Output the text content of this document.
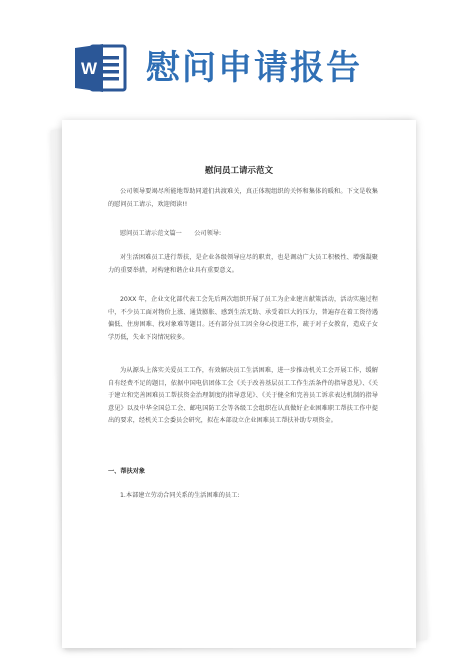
W 慰问申请报告
慰问员工请示范文

公司领导要竭尽所能地帮助同道们共渡难关，真正体现组织的关怀和集体的暖和。下文是收集的慰问员工请示，欢迎阅读!!

慰问员工请示范文篇一　　公司领导:

对生活困难员工进行帮扶，是企业各级领导应尽的职责，也是调动广大员工积极性、增强凝聚力的重要举措，对构建和谐企业具有重要意义。

20XX 年，企业文化部代表工会先后两次组织开展了员工为企业建言献策活动，活动实施过程中，不少员工面对物价上涨、通货膨胀、感到生活无助、承受着巨大的压力，普遍存在着工资待遇偏低、住房困难、找对象难等题目。还有部分员工因全身心投进工作，疏于对子女教育，造成子女学历低，失业下岗情况较多。

为从源头上落实关爱员工工作，有效解决员工生活困难，进一步推动机关工会开展工作，缓解自有经费不足的题目，依据中国电信团体工会《关于改善基层员工工作生活条件的指导意见》、《关于建立和完善困难员工帮扶资金治理制度的指导意见》、《关于健全和完善员工诉求表达机制的指导意见》以及中华全国总工会、邮电国防工会等各级工会组织在认真做好企业困难职工帮扶工作中提出的要求，经机关工会委员会研究，拟在本部设立企业困难员工帮扶补助专项资金。

一、帮扶对象

1.本部建立劳动合同关系的生活困难的员工:
